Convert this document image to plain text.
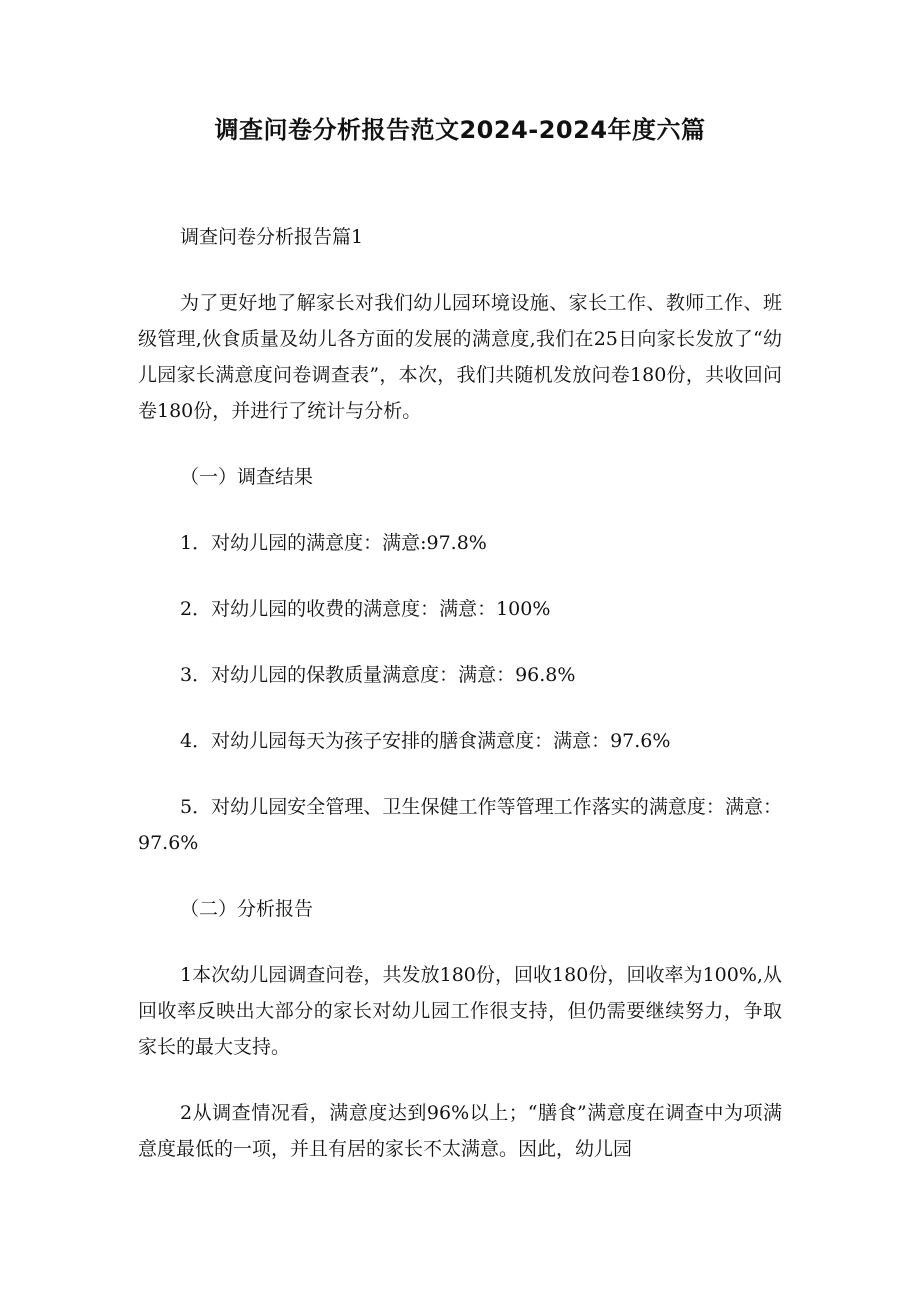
调查问卷分析报告范文2024-2024年度六篇

调查问卷分析报告篇1

为了更好地了解家长对我们幼儿园环境设施、家长工作、教师工作、班级管理,伙食质量及幼儿各方面的发展的满意度,我们在25日向家长发放了“幼儿园家长满意度问卷调查表”，本次，我们共随机发放问卷180份，共收回问卷180份，并进行了统计与分析。

（一）调查结果

1．对幼儿园的满意度：满意:97.8%

2．对幼儿园的收费的满意度：满意：100%

3．对幼儿园的保教质量满意度：满意：96.8%

4．对幼儿园每天为孩子安排的膳食满意度：满意：97.6%

5．对幼儿园安全管理、卫生保健工作等管理工作落实的满意度：满意：97.6%

（二）分析报告

1本次幼儿园调查问卷，共发放180份，回收180份，回收率为100%,从回收率反映出大部分的家长对幼儿园工作很支持，但仍需要继续努力，争取家长的最大支持。

2从调查情况看，满意度达到96%以上；“膳食”满意度在调查中为项满意度最低的一项，并且有居的家长不太满意。因此，幼儿园
